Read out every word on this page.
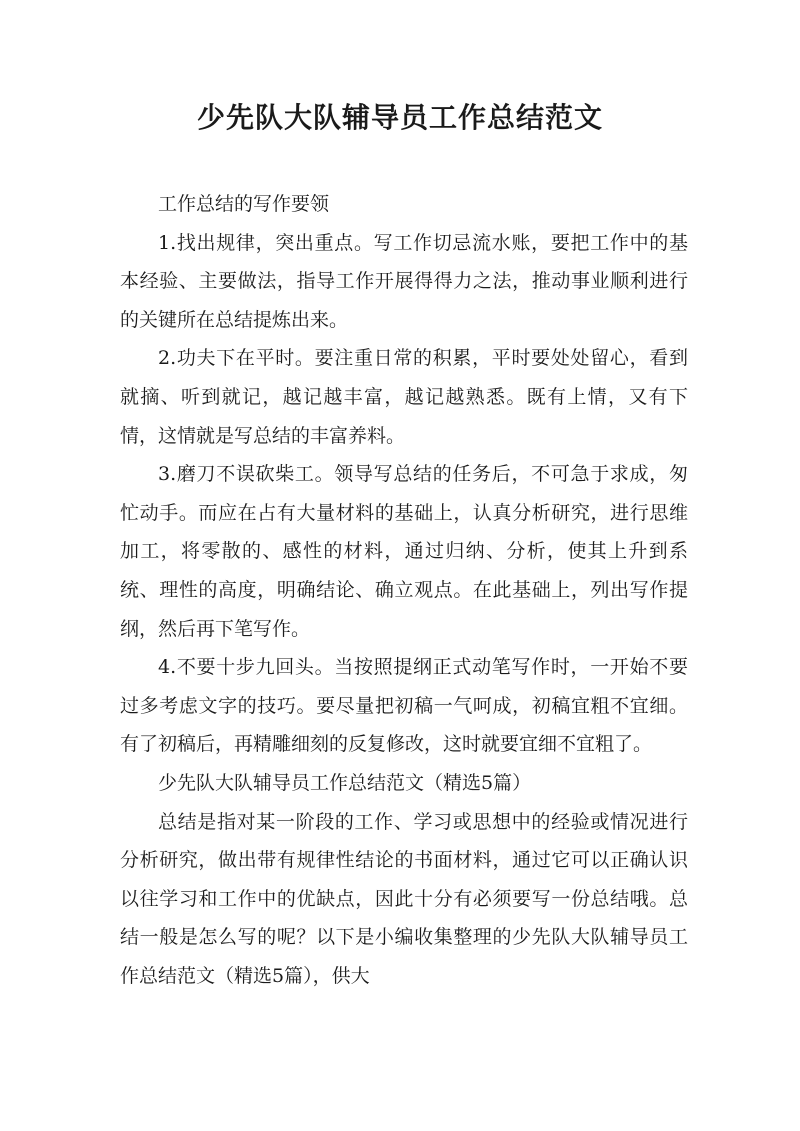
少先队大队辅导员工作总结范文

工作总结的写作要领

1.找出规律，突出重点。写工作切忌流水账，要把工作中的基本经验、主要做法，指导工作开展得得力之法，推动事业顺利进行的关键所在总结提炼出来。

2.功夫下在平时。要注重日常的积累，平时要处处留心，看到就摘、听到就记，越记越丰富，越记越熟悉。既有上情，又有下情，这情就是写总结的丰富养料。

3.磨刀不误砍柴工。领导写总结的任务后，不可急于求成，匆忙动手。而应在占有大量材料的基础上，认真分析研究，进行思维加工，将零散的、感性的材料，通过归纳、分析，使其上升到系统、理性的高度，明确结论、确立观点。在此基础上，列出写作提纲，然后再下笔写作。

4.不要十步九回头。当按照提纲正式动笔写作时，一开始不要过多考虑文字的技巧。要尽量把初稿一气呵成，初稿宜粗不宜细。有了初稿后，再精雕细刻的反复修改，这时就要宜细不宜粗了。

少先队大队辅导员工作总结范文（精选5篇）

总结是指对某一阶段的工作、学习或思想中的经验或情况进行分析研究，做出带有规律性结论的书面材料，通过它可以正确认识以往学习和工作中的优缺点，因此十分有必须要写一份总结哦。总结一般是怎么写的呢？以下是小编收集整理的少先队大队辅导员工作总结范文（精选5篇），供大
